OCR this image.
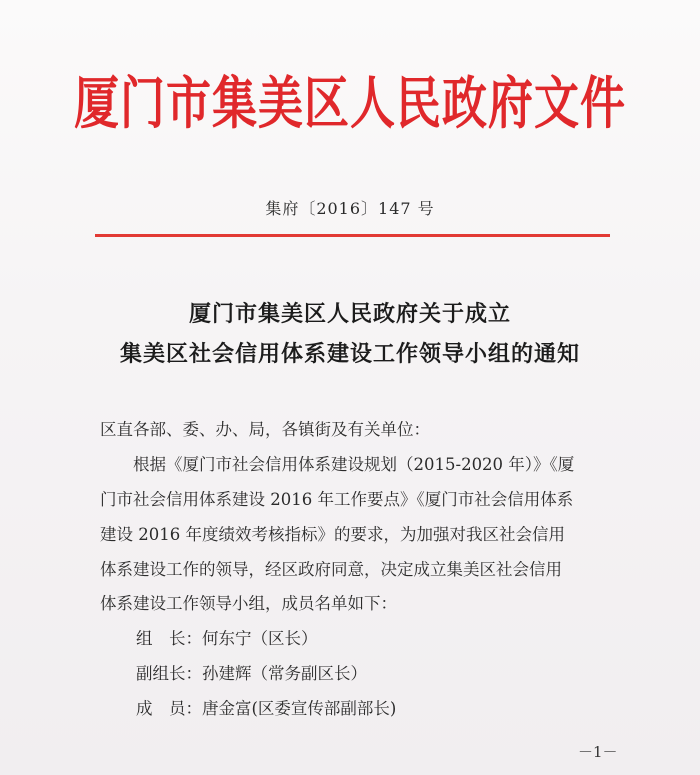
厦门市集美区人民政府文件
集府〔2016〕147 号
厦门市集美区人民政府关于成立
集美区社会信用体系建设工作领导小组的通知
区直各部、委、办、局，各镇街及有关单位：
根据《厦门市社会信用体系建设规划（2015-2020 年）》《厦
门市社会信用体系建设 2016 年工作要点》《厦门市社会信用体系
建设 2016 年度绩效考核指标》的要求，为加强对我区社会信用
体系建设工作的领导，经区政府同意，决定成立集美区社会信用
体系建设工作领导小组，成员名单如下：
组　长：何东宁（区长）
副组长：孙建辉（常务副区长）
成　员：唐金富(区委宣传部副部长)
－1－
